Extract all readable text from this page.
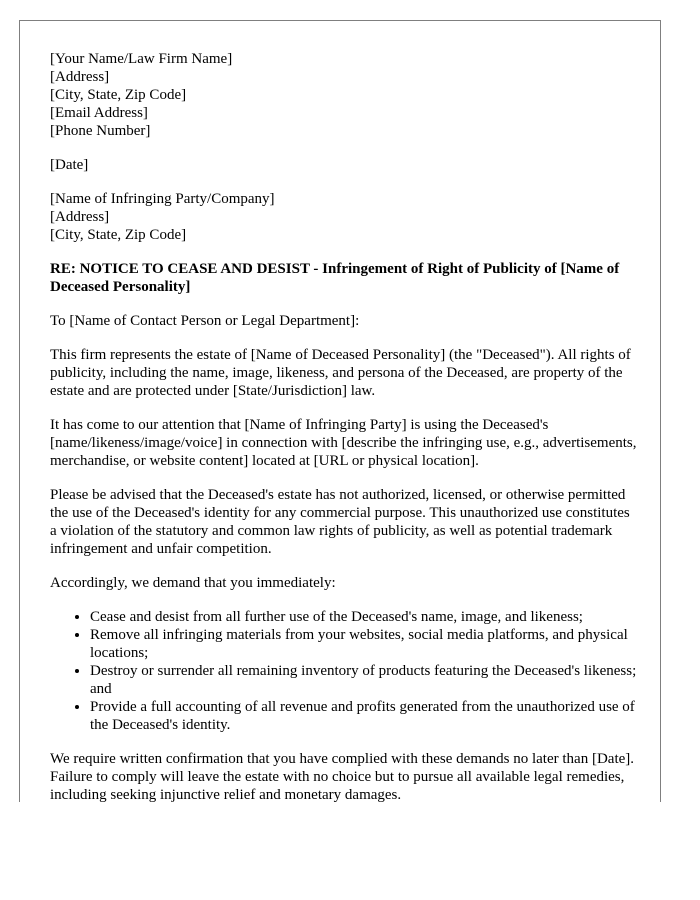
[Your Name/Law Firm Name]
[Address]
[City, State, Zip Code]
[Email Address]
[Phone Number]

[Date]

[Name of Infringing Party/Company]
[Address]
[City, State, Zip Code]

RE: NOTICE TO CEASE AND DESIST - Infringement of Right of Publicity of [Name of Deceased Personality]

To [Name of Contact Person or Legal Department]:

This firm represents the estate of [Name of Deceased Personality] (the "Deceased"). All rights of publicity, including the name, image, likeness, and persona of the Deceased, are property of the estate and are protected under [State/Jurisdiction] law.

It has come to our attention that [Name of Infringing Party] is using the Deceased's [name/likeness/image/voice] in connection with [describe the infringing use, e.g., advertisements, merchandise, or website content] located at [URL or physical location].

Please be advised that the Deceased's estate has not authorized, licensed, or otherwise permitted the use of the Deceased's identity for any commercial purpose. This unauthorized use constitutes a violation of the statutory and common law rights of publicity, as well as potential trademark infringement and unfair competition.

Accordingly, we demand that you immediately:

• Cease and desist from all further use of the Deceased's name, image, and likeness;
• Remove all infringing materials from your websites, social media platforms, and physical locations;
• Destroy or surrender all remaining inventory of products featuring the Deceased's likeness; and
• Provide a full accounting of all revenue and profits generated from the unauthorized use of the Deceased's identity.

We require written confirmation that you have complied with these demands no later than [Date]. Failure to comply will leave the estate with no choice but to pursue all available legal remedies, including seeking injunctive relief and monetary damages.
